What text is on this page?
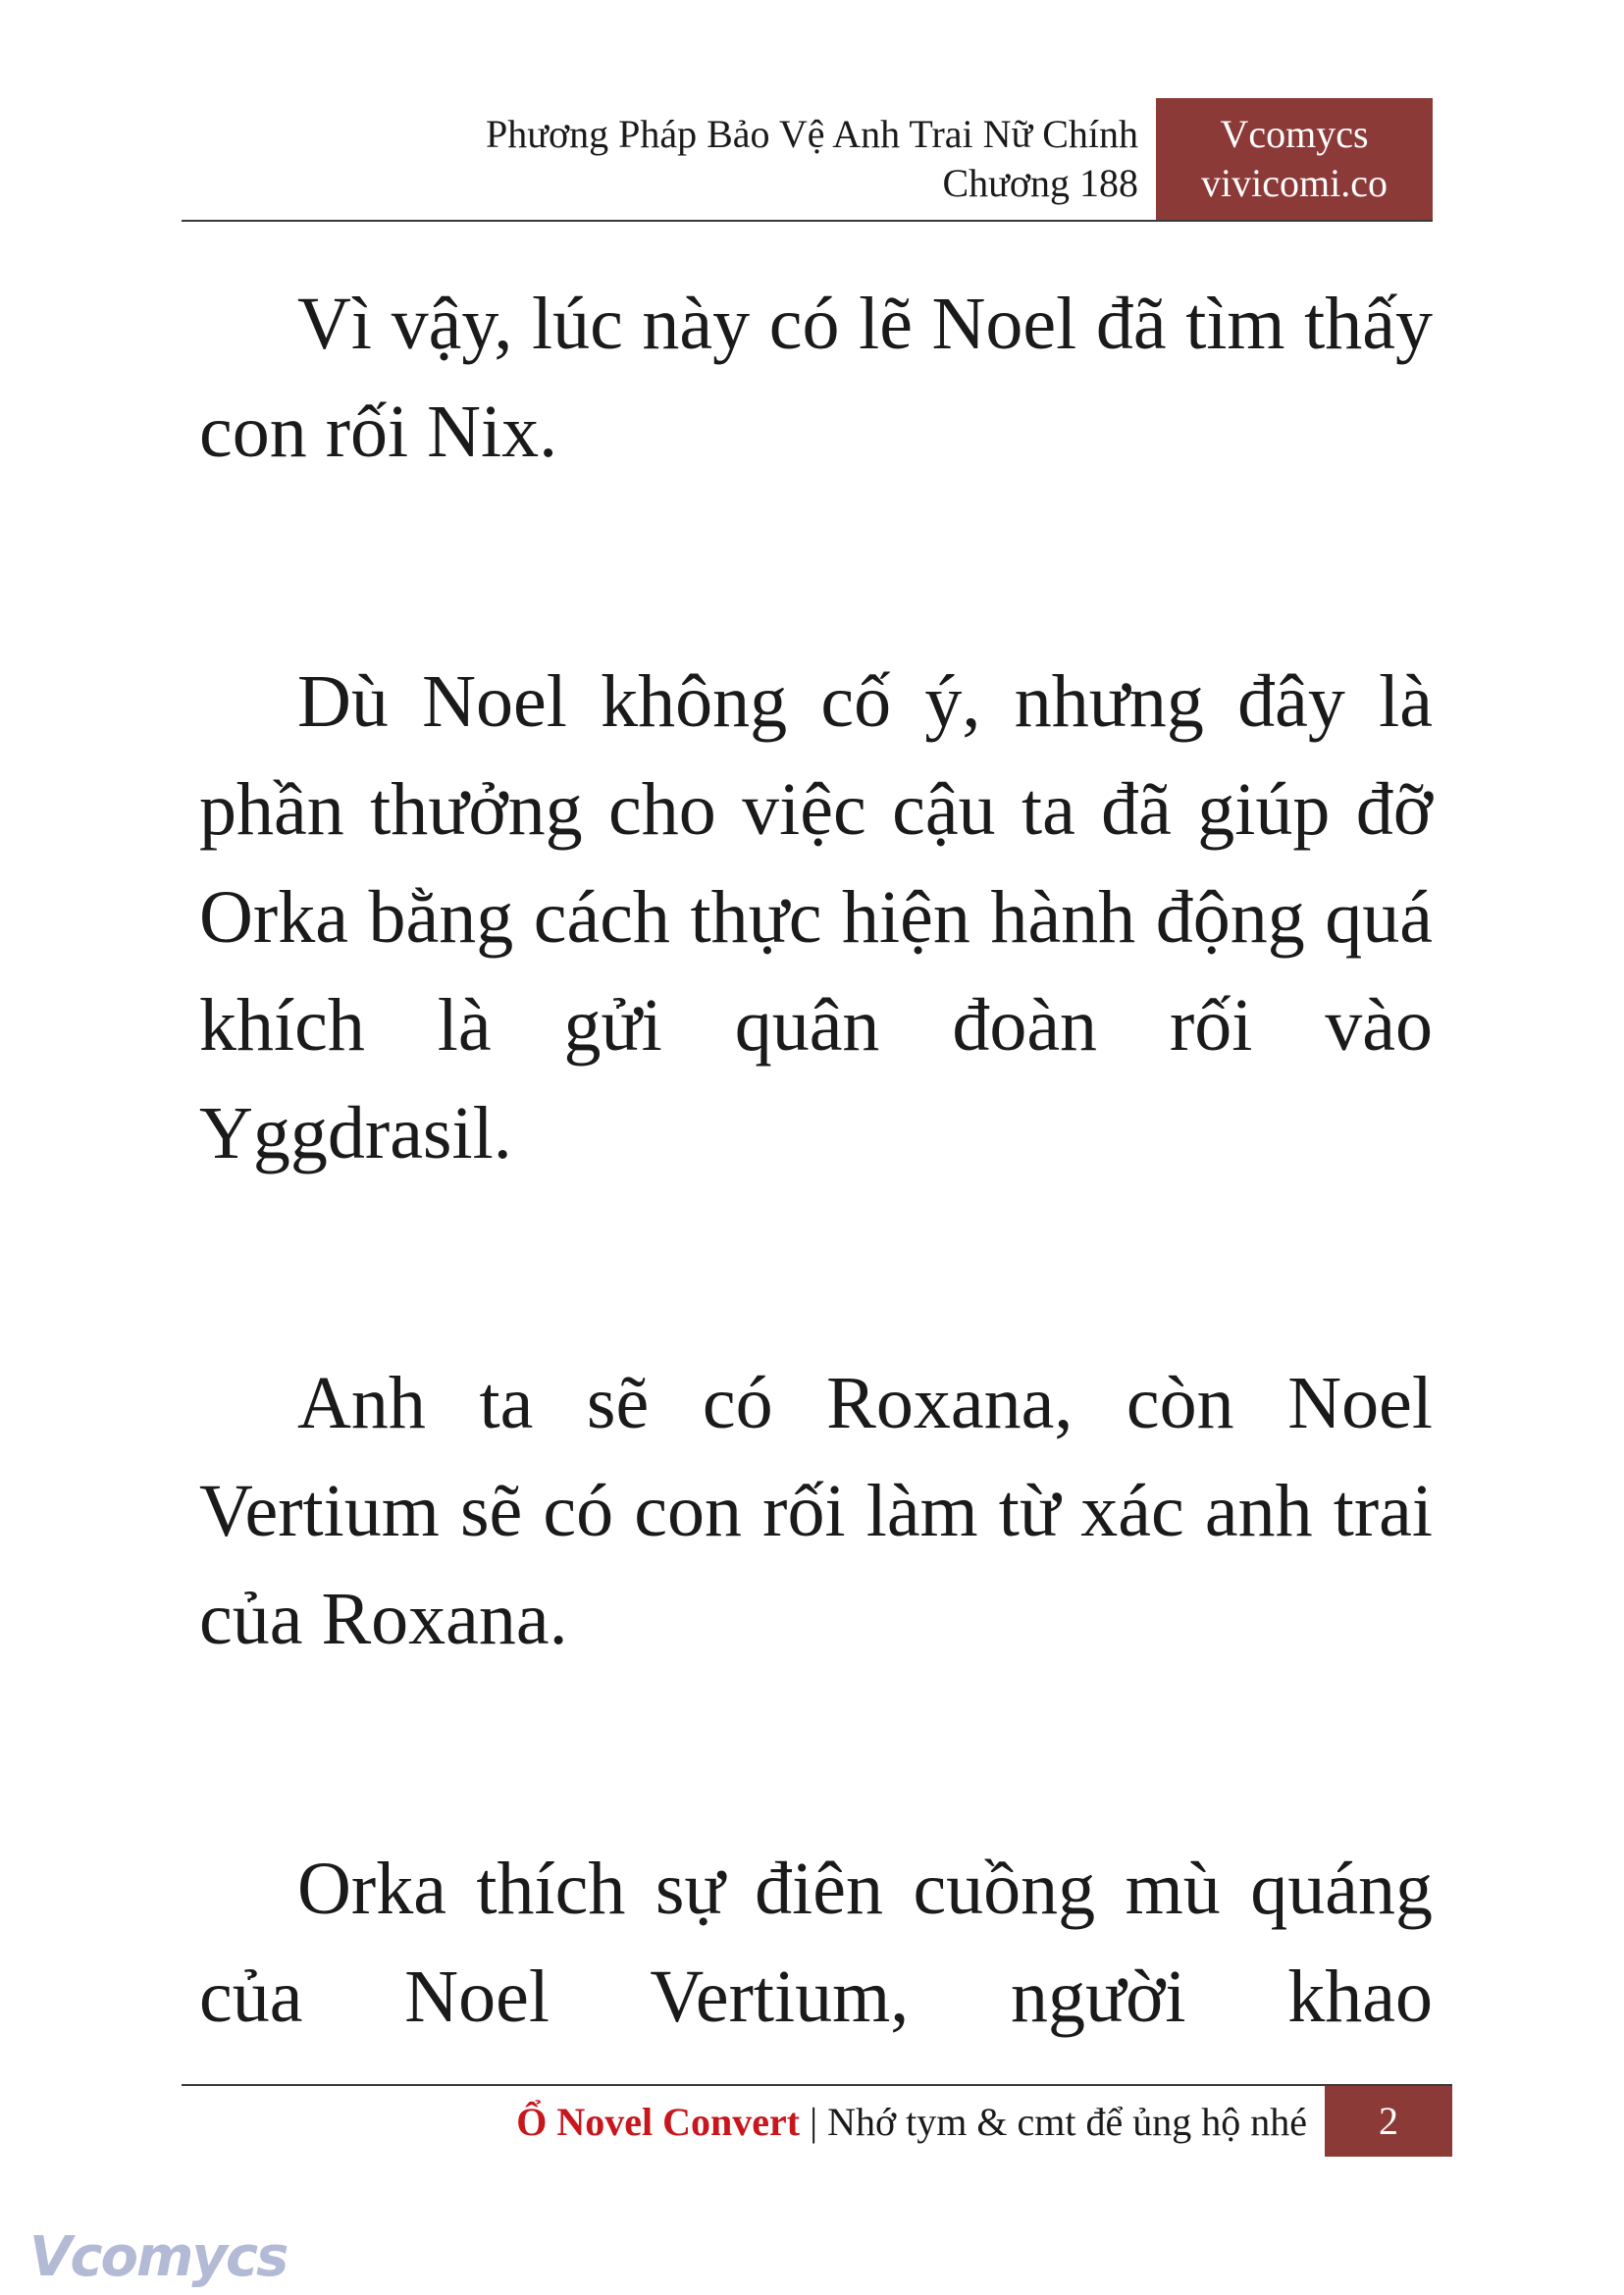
Phương Pháp Bảo Vệ Anh Trai Nữ Chính
Chương 188
Vcomycs
vivicomi.co

Vì vậy, lúc này có lẽ Noel đã tìm thấy con rối Nix.

Dù Noel không cố ý, nhưng đây là phần thưởng cho việc cậu ta đã giúp đỡ Orka bằng cách thực hiện hành động quá khích là gửi quân đoàn rối vào Yggdrasil.

Anh ta sẽ có Roxana, còn Noel Vertium sẽ có con rối làm từ xác anh trai của Roxana.

Orka thích sự điên cuồng mù quáng của Noel Vertium, người khao

Ổ Novel Convert | Nhớ tym & cmt để ủng hộ nhé	2
Vcomycs
